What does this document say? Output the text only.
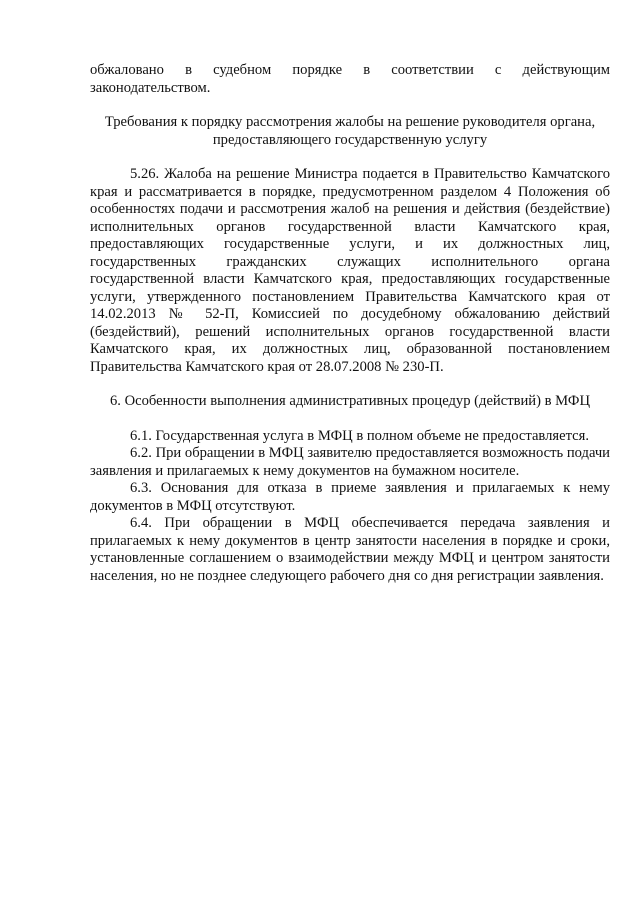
обжаловано в судебном порядке в соответствии с действующим законодательством.

Требования к порядку рассмотрения жалобы на решение руководителя органа, предоставляющего государственную услугу

5.26. Жалоба на решение Министра подается в Правительство Камчатского края и рассматривается в порядке, предусмотренном разделом 4 Положения об особенностях подачи и рассмотрения жалоб на решения и действия (бездействие) исполнительных органов государственной власти Камчатского края, предоставляющих государственные услуги, и их должностных лиц, государственных гражданских служащих исполнительного органа государственной власти Камчатского края, предоставляющих государственные услуги, утвержденного постановлением Правительства Камчатского края от 14.02.2013 № 52-П, Комиссией по досудебному обжалованию действий (бездействий), решений исполнительных органов государственной власти Камчатского края, их должностных лиц, образованной постановлением Правительства Камчатского края от 28.07.2008 № 230-П.

6. Особенности выполнения административных процедур (действий) в МФЦ

6.1. Государственная услуга в МФЦ в полном объеме не предоставляется.

6.2. При обращении в МФЦ заявителю предоставляется возможность подачи заявления и прилагаемых к нему документов на бумажном носителе.

6.3. Основания для отказа в приеме заявления и прилагаемых к нему документов в МФЦ отсутствуют.

6.4. При обращении в МФЦ обеспечивается передача заявления и прилагаемых к нему документов в центр занятости населения в порядке и сроки, установленные соглашением о взаимодействии между МФЦ и центром занятости населения, но не позднее следующего рабочего дня со дня регистрации заявления.
